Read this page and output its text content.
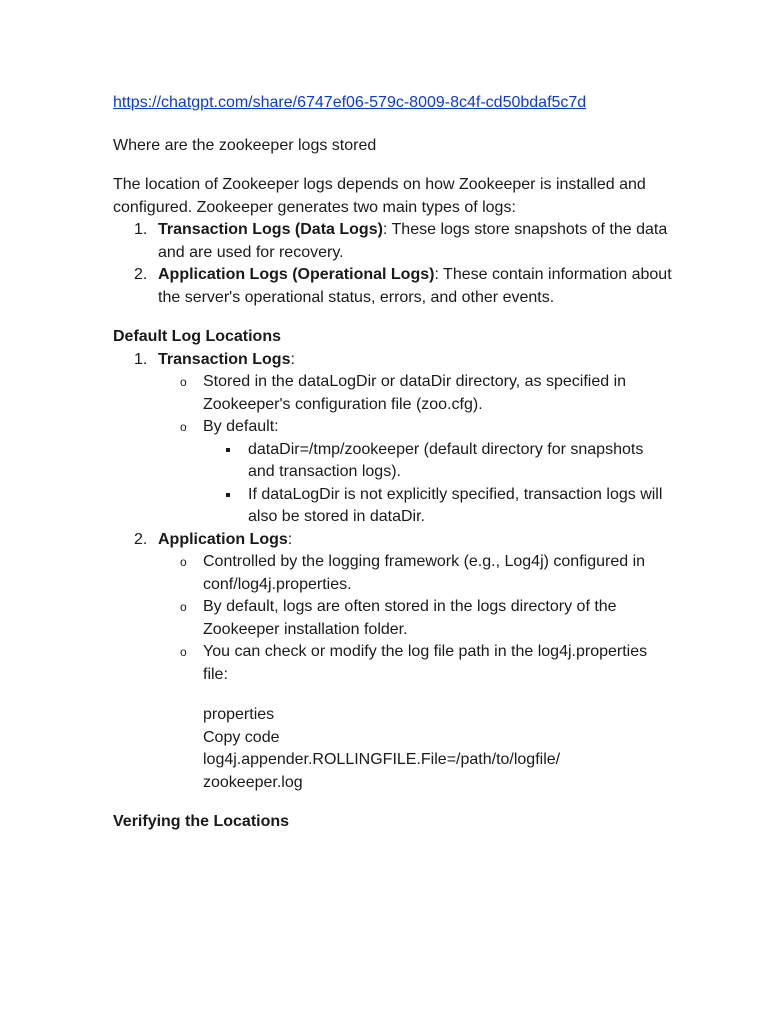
https://chatgpt.com/share/6747ef06-579c-8009-8c4f-cd50bdaf5c7d

Where are the zookeeper logs stored

The location of Zookeeper logs depends on how Zookeeper is installed and configured. Zookeeper generates two main types of logs:

1. Transaction Logs (Data Logs): These logs store snapshots of the data and are used for recovery.
2. Application Logs (Operational Logs): These contain information about the server's operational status, errors, and other events.

Default Log Locations

1. Transaction Logs:
o Stored in the dataLogDir or dataDir directory, as specified in Zookeeper's configuration file (zoo.cfg).
o By default:
dataDir=/tmp/zookeeper (default directory for snapshots and transaction logs).
If dataLogDir is not explicitly specified, transaction logs will also be stored in dataDir.
2. Application Logs:
o Controlled by the logging framework (e.g., Log4j) configured in conf/log4j.properties.
o By default, logs are often stored in the logs directory of the Zookeeper installation folder.
o You can check or modify the log file path in the log4j.properties file:
properties
Copy code
log4j.appender.ROLLINGFILE.File=/path/to/logfile/
zookeeper.log

Verifying the Locations
